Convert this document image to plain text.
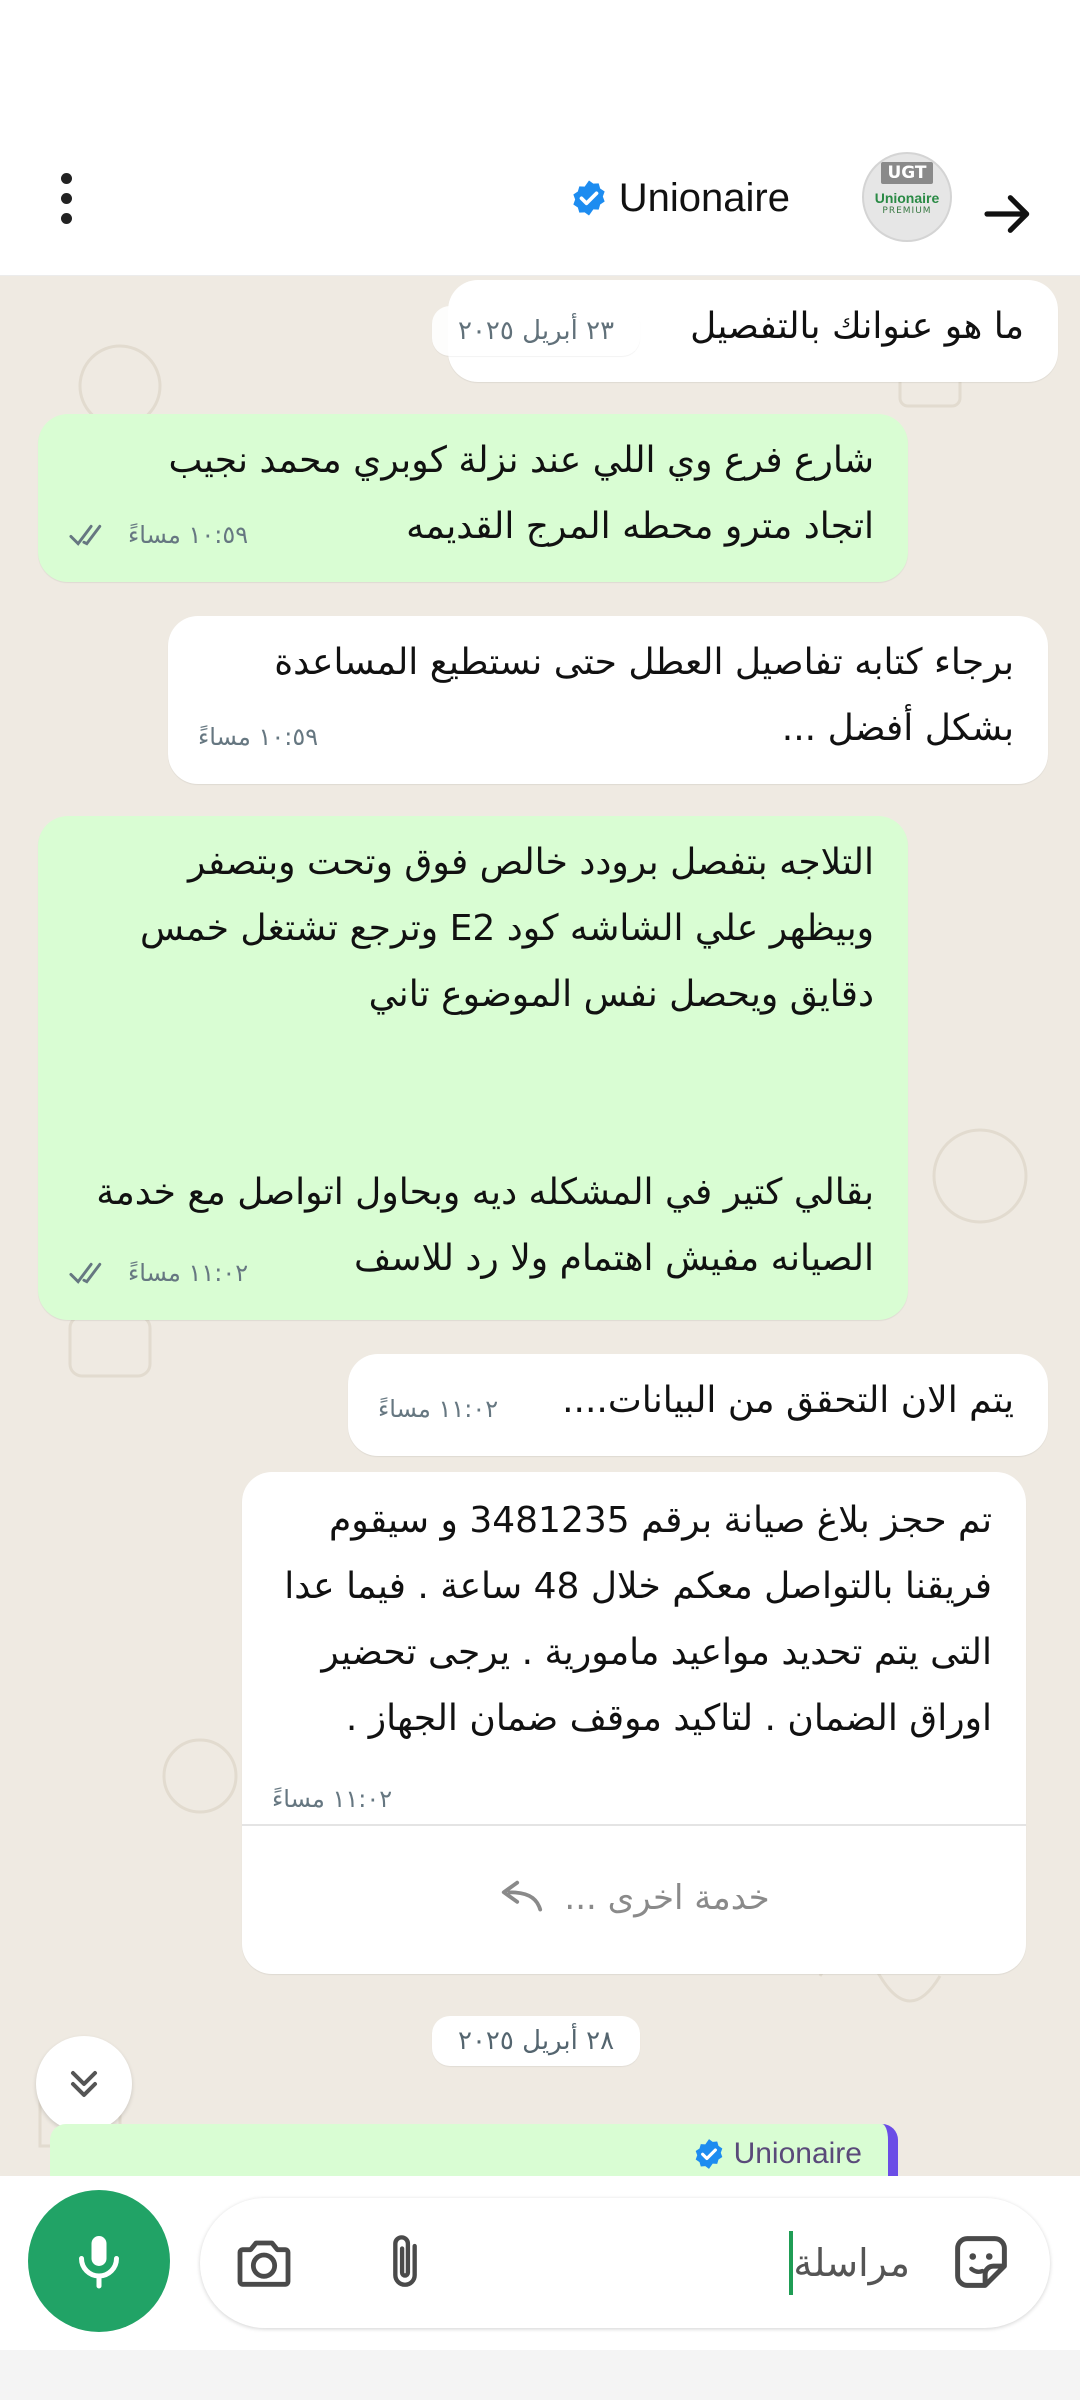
UGT
Unionaire
PREMIUM
Unionaire
ما هو عنوانك بالتفصيل
٢٣ أبريل ٢٠٢٥
شارع فرع وي اللي عند نزلة كوبري محمد نجيب
اتجاد مترو محطه المرج القديمه
١٠:٥٩ مساءً
برجاء كتابه تفاصيل العطل حتى نستطيع المساعدة
بشكل أفضل ...
١٠:٥٩ مساءً
التلاجه بتفصل برودد خالص فوق وتحت وبتصفر
وبيظهر علي الشاشه كود E2 وترجع تشتغل خمس
دقايق ويحصل نفس الموضوع تاني
بقالي كتير في المشكله ديه وبحاول اتواصل مع خدمة
الصيانه مفيش اهتمام ولا رد للاسف
١١:٠٢ مساءً
يتم الان التحقق من البيانات....
١١:٠٢ مساءً
تم حجز بلاغ صيانة برقم 3481235 و سيقوم
فريقنا بالتواصل معكم خلال 48 ساعة . فيما عدا
التى يتم تحديد مواعيد مامورية . يرجى تحضير
اوراق الضمان . لتاكيد موقف ضمان الجهاز .
١١:٠٢ مساءً
خدمة اخرى ...
٢٨ أبريل ٢٠٢٥
Unionaire
مراسلة
